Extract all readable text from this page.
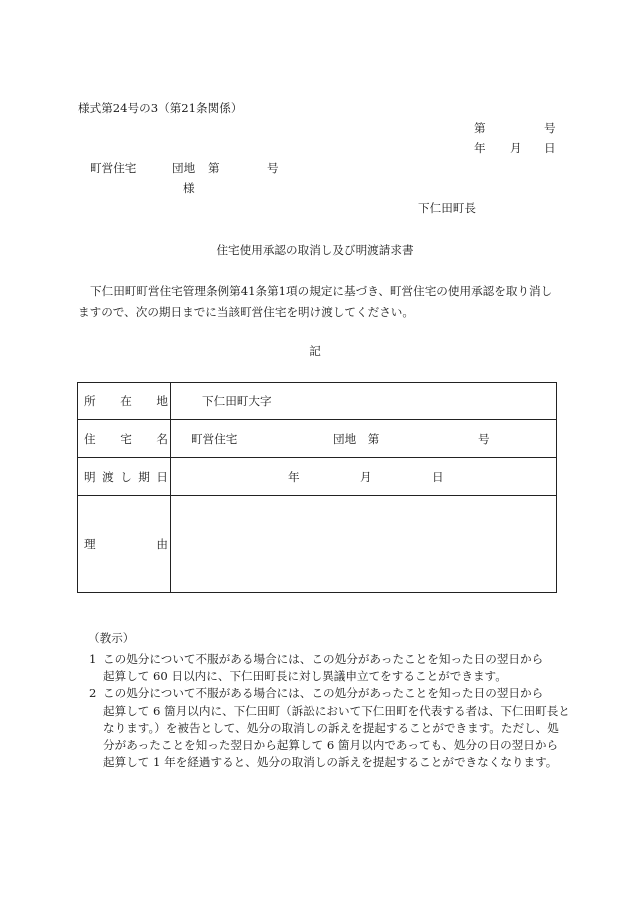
様式第24号の3（第21条関係）
第	号
年 月 日
町営住宅	団地 第	号
様
下仁田町長
住宅使用承認の取消し及び明渡請求書
下仁田町町営住宅管理条例第41条第1項の規定に基づき、町営住宅の使用承認を取り消し
ますので、次の期日までに当該町営住宅を明け渡してください。
記
所　　在　　地	下仁田町大字
住　　宅　　名 町営住宅	団地　第	号
明 渡 し 期 日	年	月	日
理　　　　由
（教示）
1 この処分について不服がある場合には、この処分があったことを知った日の翌日から
起算して 60 日以内に、下仁田町長に対し異議申立てをすることができます。
2 この処分について不服がある場合には、この処分があったことを知った日の翌日から
起算して 6 箇月以内に、下仁田町（訴訟において下仁田町を代表する者は、下仁田町長と
なります。）を被告として、処分の取消しの訴えを提起することができます。ただし、処
分があったことを知った翌日から起算して 6 箇月以内であっても、処分の日の翌日から
起算して 1 年を経過すると、処分の取消しの訴えを提起することができなくなります。
